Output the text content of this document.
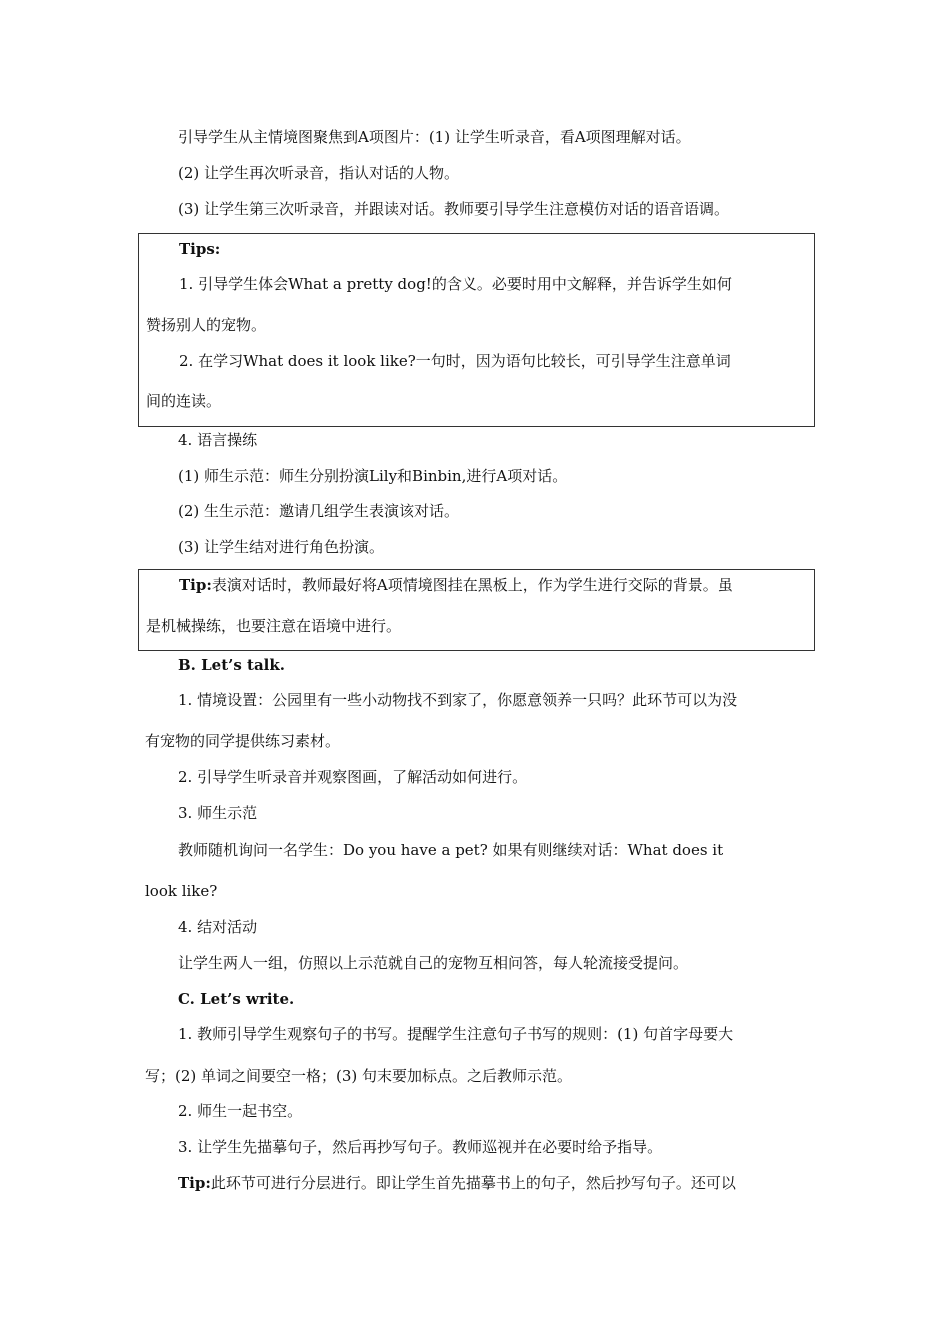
引导学生从主情境图聚焦到A项图片：(1) 让学生听录音，看A项图理解对话。
(2) 让学生再次听录音，指认对话的人物。
(3) 让学生第三次听录音，并跟读对话。教师要引导学生注意模仿对话的语音语调。
Tips:
1. 引导学生体会What a pretty dog!的含义。必要时用中文解释，并告诉学生如何
赞扬别人的宠物。
2. 在学习What does it look like?一句时，因为语句比较长，可引导学生注意单词
间的连读。
4. 语言操练
(1) 师生示范：师生分别扮演Lily和Binbin,进行A项对话。
(2) 生生示范：邀请几组学生表演该对话。
(3) 让学生结对进行角色扮演。
Tip:表演对话时，教师最好将A项情境图挂在黑板上，作为学生进行交际的背景。虽
是机械操练，也要注意在语境中进行。
B. Let’s talk.
1. 情境设置：公园里有一些小动物找不到家了，你愿意领养一只吗？此环节可以为没
有宠物的同学提供练习素材。
2. 引导学生听录音并观察图画，了解活动如何进行。
3. 师生示范
教师随机询问一名学生：Do you have a pet? 如果有则继续对话：What does it
look like?
4. 结对活动
让学生两人一组，仿照以上示范就自己的宠物互相问答，每人轮流接受提问。
C. Let’s write.
1. 教师引导学生观察句子的书写。提醒学生注意句子书写的规则：(1) 句首字母要大
写；(2) 单词之间要空一格；(3) 句末要加标点。之后教师示范。
2. 师生一起书空。
3. 让学生先描摹句子，然后再抄写句子。教师巡视并在必要时给予指导。
Tip:此环节可进行分层进行。即让学生首先描摹书上的句子，然后抄写句子。还可以
